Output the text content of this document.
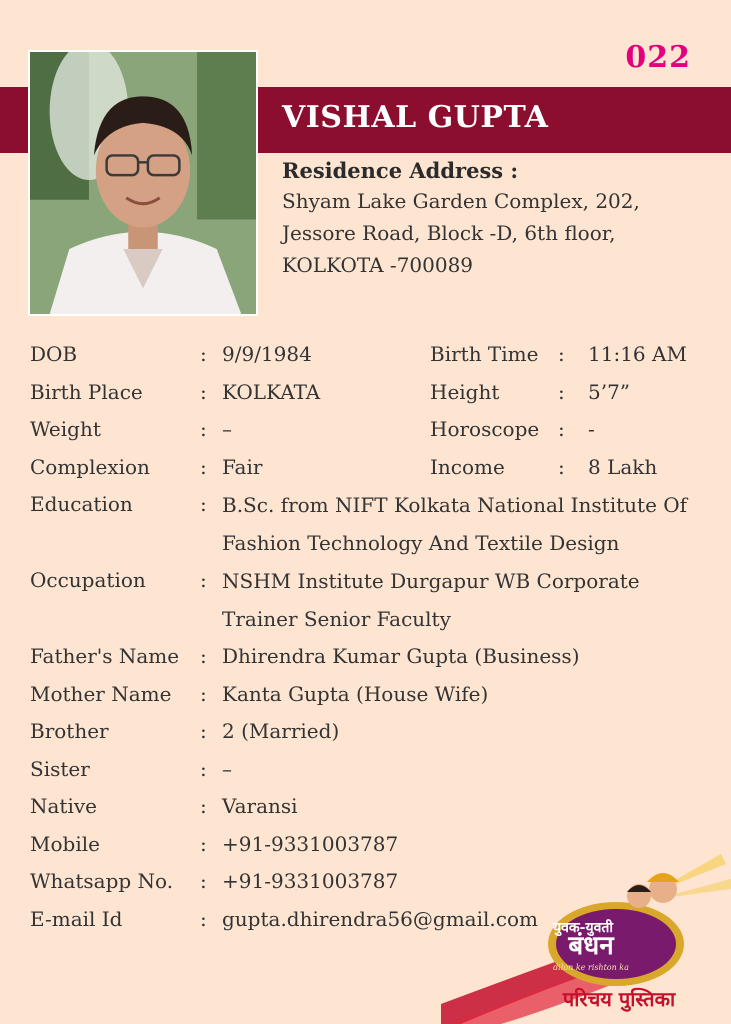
022
VISHAL GUPTA
Residence Address :
Shyam Lake Garden Complex, 202,
Jessore Road, Block -D, 6th floor,
KOLKOTA -700089
DOB	: 9/9/1984	Birth Time :	11:16 AM
Birth Place	: KOLKATA	Height	:	5’7”
Weight	: –	Horoscope :	-
Complexion	: Fair	Income	:	8 Lakh
Education	: B.Sc. from NIFT Kolkata National Institute Of
Fashion Technology And Textile Design
Occupation	: NSHM Institute Durgapur WB Corporate
Trainer Senior Faculty
Father's Name	: Dhirendra Kumar Gupta (Business)
Mother Name	: Kanta Gupta (House Wife)
Brother	: 2 (Married)
Sister	: –
Native	: Varansi
Mobile	: +91-9331003787
Whatsapp No.	: +91-9331003787
E-mail Id	: gupta.dhirendra56@gmail.com	युवक-युवती
बंधन
dilon ke rishton ka
परिचय पुस्तिका
